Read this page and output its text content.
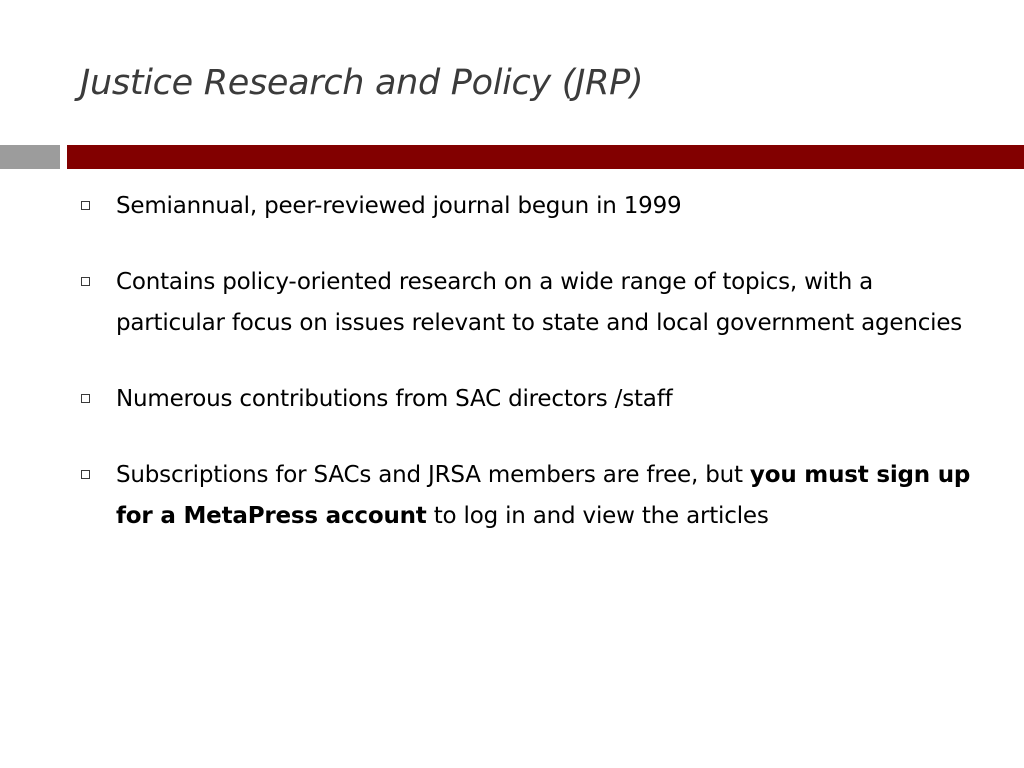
Justice Research and Policy (JRP)
Semiannual, peer-reviewed journal begun in 1999
Contains policy-oriented research on a wide range of topics, with a particular focus on issues relevant to state and local government agencies
Numerous contributions from SAC directors /staff
Subscriptions for SACs and JRSA members are free, but you must sign up for a MetaPress account to log in and view the articles
